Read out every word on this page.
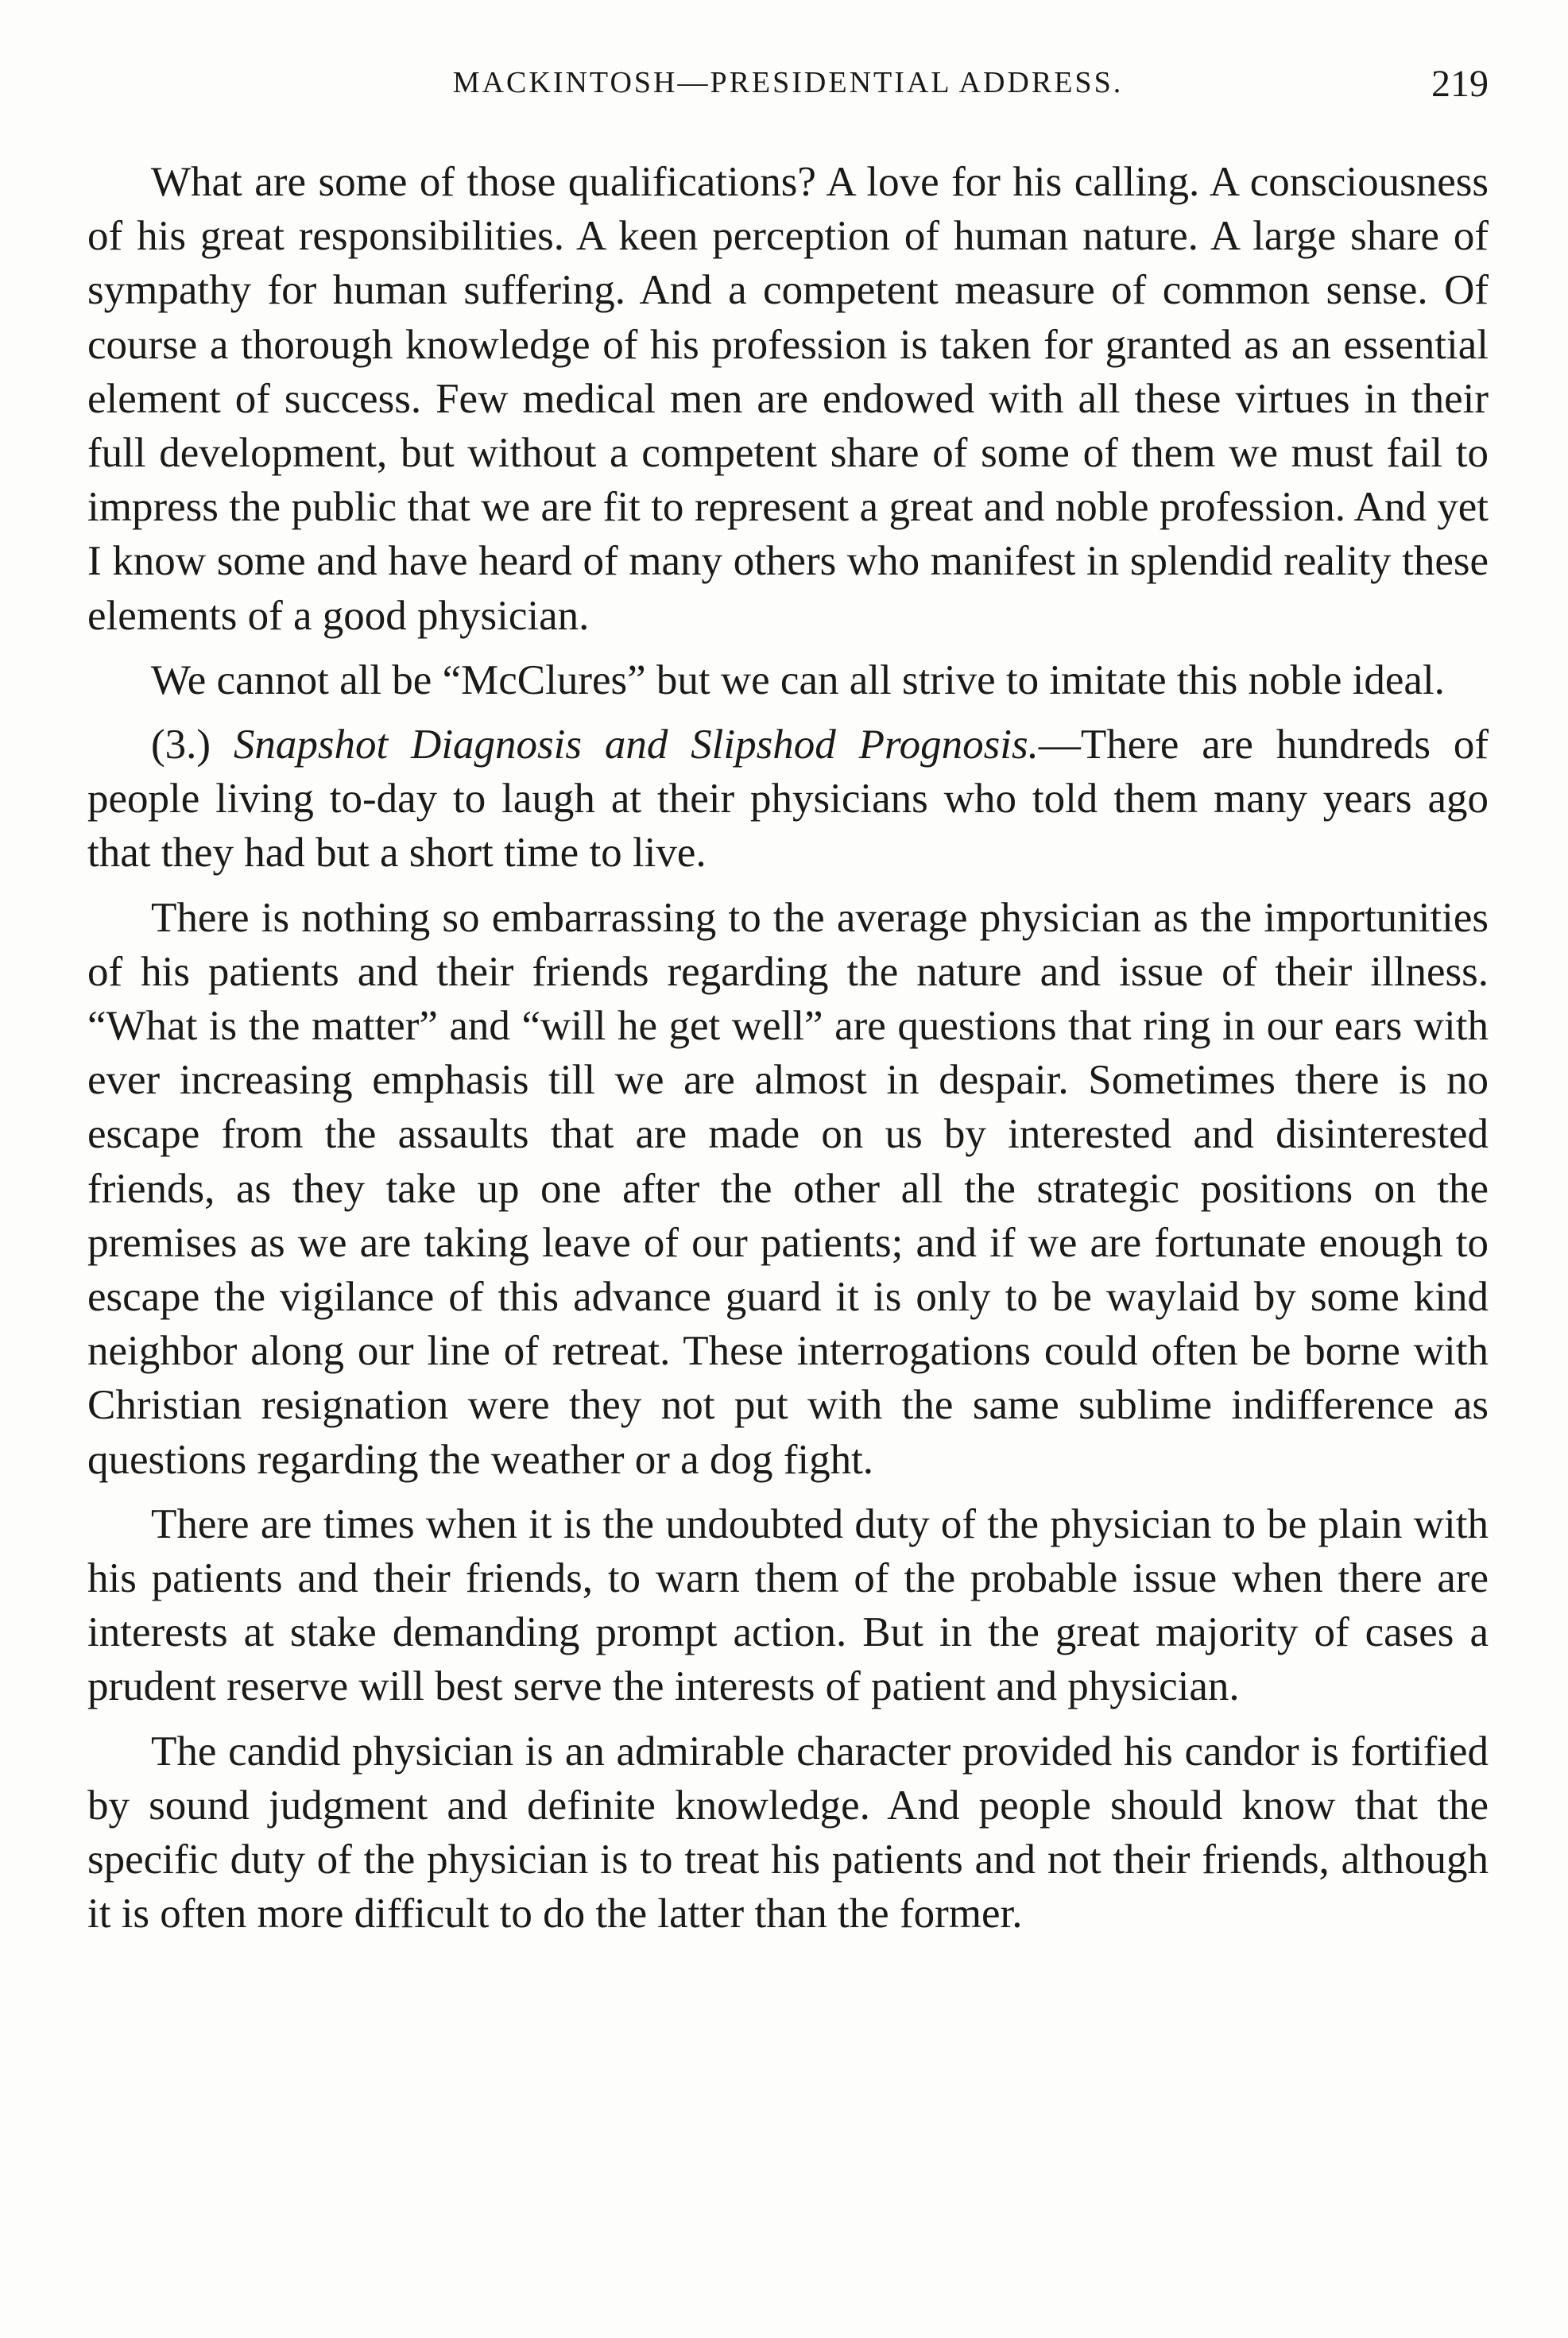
MACKINTOSH—PRESIDENTIAL ADDRESS.	219

What are some of those qualifications? A love for his calling. A consciousness of his great responsibilities. A keen perception of human nature. A large share of sympathy for human suffering. And a competent measure of common sense. Of course a thorough knowledge of his profession is taken for granted as an essential element of success. Few medical men are endowed with all these virtues in their full development, but without a competent share of some of them we must fail to impress the public that we are fit to represent a great and noble profession. And yet I know some and have heard of many others who manifest in splendid reality these elements of a good physician.

We cannot all be “McClures” but we can all strive to imitate this noble ideal.

(3.) Snapshot Diagnosis and Slipshod Prognosis.—There are hundreds of people living to-day to laugh at their physicians who told them many years ago that they had but a short time to live.

There is nothing so embarrassing to the average physician as the importunities of his patients and their friends regarding the nature and issue of their illness. “What is the matter” and “will he get well” are questions that ring in our ears with ever increasing emphasis till we are almost in despair. Sometimes there is no escape from the assaults that are made on us by interested and disinterested friends, as they take up one after the other all the strategic positions on the premises as we are taking leave of our patients; and if we are fortunate enough to escape the vigilance of this advance guard it is only to be waylaid by some kind neighbor along our line of retreat. These interrogations could often be borne with Christian resignation were they not put with the same sublime indifference as questions regarding the weather or a dog fight.

There are times when it is the undoubted duty of the physician to be plain with his patients and their friends, to warn them of the probable issue when there are interests at stake demanding prompt action. But in the great majority of cases a prudent reserve will best serve the interests of patient and physician.

The candid physician is an admirable character provided his candor is fortified by sound judgment and definite knowledge. And people should know that the specific duty of the physician is to treat his patients and not their friends, although it is often more difficult to do the latter than the former.
